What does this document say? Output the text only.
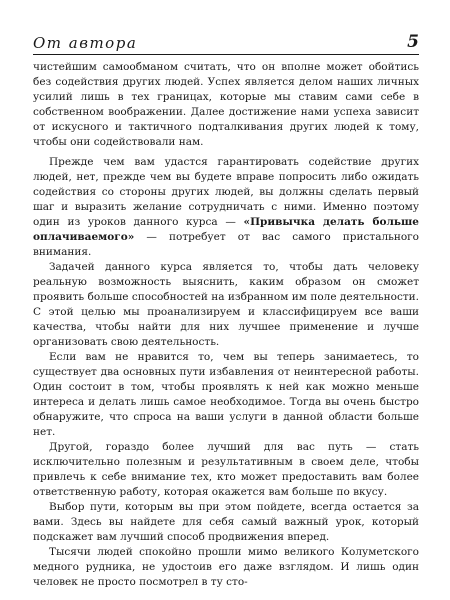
От автора	5

чистейшим самообманом считать, что он вполне может обойтись без содействия других людей. Успех является делом наших личных усилий лишь в тех границах, которые мы ставим сами себе в собственном воображении. Далее достижение нами успеха зависит от искусного и тактичного подталкивания других людей к тому, чтобы они содействовали нам.

Прежде чем вам удастся гарантировать содействие других людей, нет, прежде чем вы будете вправе попросить либо ожидать содействия со стороны других людей, вы должны сделать первый шаг и выразить желание сотрудничать с ними. Именно поэтому один из уроков данного курса — «Привычка делать больше оплачиваемого» — потребует от вас самого пристального внимания.

Задачей данного курса является то, чтобы дать человеку реальную возможность выяснить, каким образом он сможет проявить больше способностей на избранном им поле деятельности. С этой целью мы проанализируем и классифицируем все ваши качества, чтобы найти для них лучшее применение и лучше организовать свою деятельность.

Если вам не нравится то, чем вы теперь занимаетесь, то существует два основных пути избавления от неинтересной работы. Один состоит в том, чтобы проявлять к ней как можно меньше интереса и делать лишь самое необходимое. Тогда вы очень быстро обнаружите, что спроса на ваши услуги в данной области больше нет.

Другой, гораздо более лучший для вас путь — стать исключительно полезным и результативным в своем деле, чтобы привлечь к себе внимание тех, кто может предоставить вам более ответственную работу, которая окажется вам больше по вкусу.

Выбор пути, которым вы при этом пойдете, всегда остается за вами. Здесь вы найдете для себя самый важный урок, который подскажет вам лучший способ продвижения вперед.

Тысячи людей спокойно прошли мимо великого Колуметского медного рудника, не удостоив его даже взглядом. И лишь один человек не просто посмотрел в ту сто-
